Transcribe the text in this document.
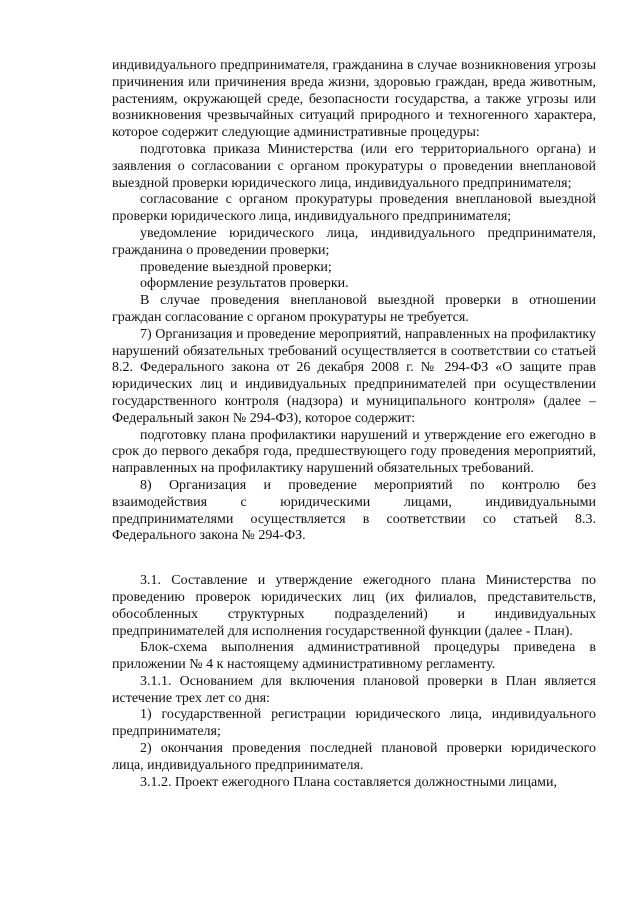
индивидуального предпринимателя, гражданина в случае возникновения угрозы причинения или причинения вреда жизни, здоровью граждан, вреда животным, растениям, окружающей среде, безопасности государства, а также угрозы или возникновения чрезвычайных ситуаций природного и техногенного характера, которое содержит следующие административные процедуры:

подготовка приказа Министерства (или его территориального органа) и заявления о согласовании с органом прокуратуры о проведении внеплановой выездной проверки юридического лица, индивидуального предпринимателя;

согласование с органом прокуратуры проведения внеплановой выездной проверки юридического лица, индивидуального предпринимателя;

уведомление юридического лица, индивидуального предпринимателя, гражданина о проведении проверки;

проведение выездной проверки;

оформление результатов проверки.

В случае проведения внеплановой выездной проверки в отношении граждан согласование с органом прокуратуры не требуется.

7) Организация и проведение мероприятий, направленных на профилактику нарушений обязательных требований осуществляется в соответствии со статьей 8.2. Федерального закона от 26 декабря 2008 г. № 294-ФЗ «О защите прав юридических лиц и индивидуальных предпринимателей при осуществлении государственного контроля (надзора) и муниципального контроля» (далее – Федеральный закон № 294-ФЗ), которое содержит:

подготовку плана профилактики нарушений и утверждение его ежегодно в срок до первого декабря года, предшествующего году проведения мероприятий, направленных на профилактику нарушений обязательных требований.

8) Организация и проведение мероприятий по контролю без взаимодействия с юридическими лицами, индивидуальными предпринимателями осуществляется в соответствии со статьей 8.3. Федерального закона № 294-ФЗ.

3.1. Составление и утверждение ежегодного плана Министерства по проведению проверок юридических лиц (их филиалов, представительств, обособленных структурных подразделений) и индивидуальных предпринимателей для исполнения государственной функции (далее - План).

Блок-схема выполнения административной процедуры приведена в приложении № 4 к настоящему административному регламенту.

3.1.1. Основанием для включения плановой проверки в План является истечение трех лет со дня:

1) государственной регистрации юридического лица, индивидуального предпринимателя;

2) окончания проведения последней плановой проверки юридического лица, индивидуального предпринимателя.

3.1.2. Проект ежегодного Плана составляется должностными лицами,
